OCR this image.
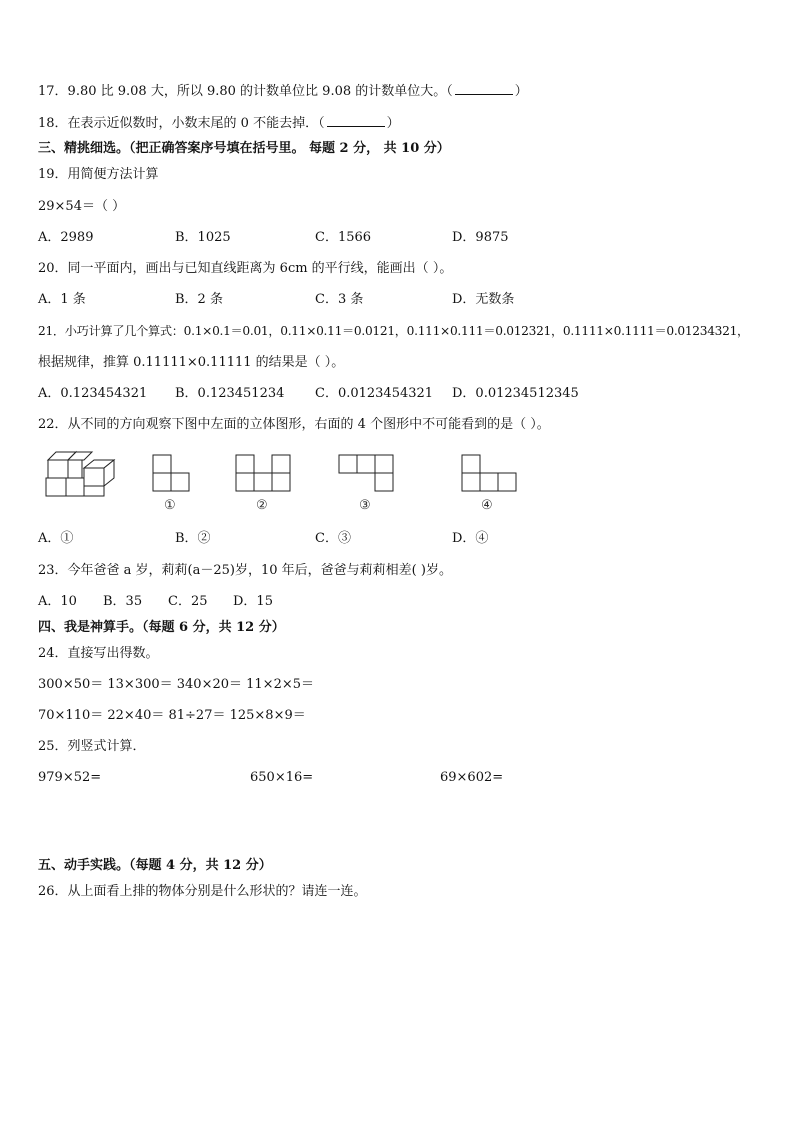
17．9.80 比 9.08 大，所以 9.80 的计数单位比 9.08 的计数单位大。（	）
18．在表示近似数时，小数末尾的 0 不能去掉．（	）
三、精挑细选。（把正确答案序号填在括号里。 每题 2 分， 共 10 分）
19．用简便方法计算
29×54＝（ ）
A．2989	B．1025	C．1566	D．9875
20．同一平面内，画出与已知直线距离为 6cm 的平行线，能画出（ ）。
A．1 条	B．2 条	C．3 条	D．无数条
21．小巧计算了几个算式：0.1×0.1＝0.01，0.11×0.11＝0.0121，0.111×0.111＝0.012321，0.1111×0.1111＝0.01234321，
根据规律，推算 0.11111×0.11111 的结果是（ ）。
A．0.123454321 B．0.123451234 C．0.0123454321 D．0.01234512345
22．从不同的方向观察下图中左面的立体图形，右面的 4 个图形中不可能看到的是（ ）。
①	②	③	④
A．①	B．②	C．③	D．④
23．今年爸爸 a 岁，莉莉(a－25)岁，10 年后，爸爸与莉莉相差( )岁。
A．10 B．35 C．25 D．15
四、我是神算手。（每题 6 分，共 12 分）
24．直接写出得数。
300×50＝ 13×300＝ 340×20＝ 11×2×5＝
70×110＝ 22×40＝ 81÷27＝ 125×8×9＝
25．列竖式计算．
979×52=	650×16=	69×602=
五、动手实践。（每题 4 分，共 12 分）
26．从上面看上排的物体分别是什么形状的？请连一连。
